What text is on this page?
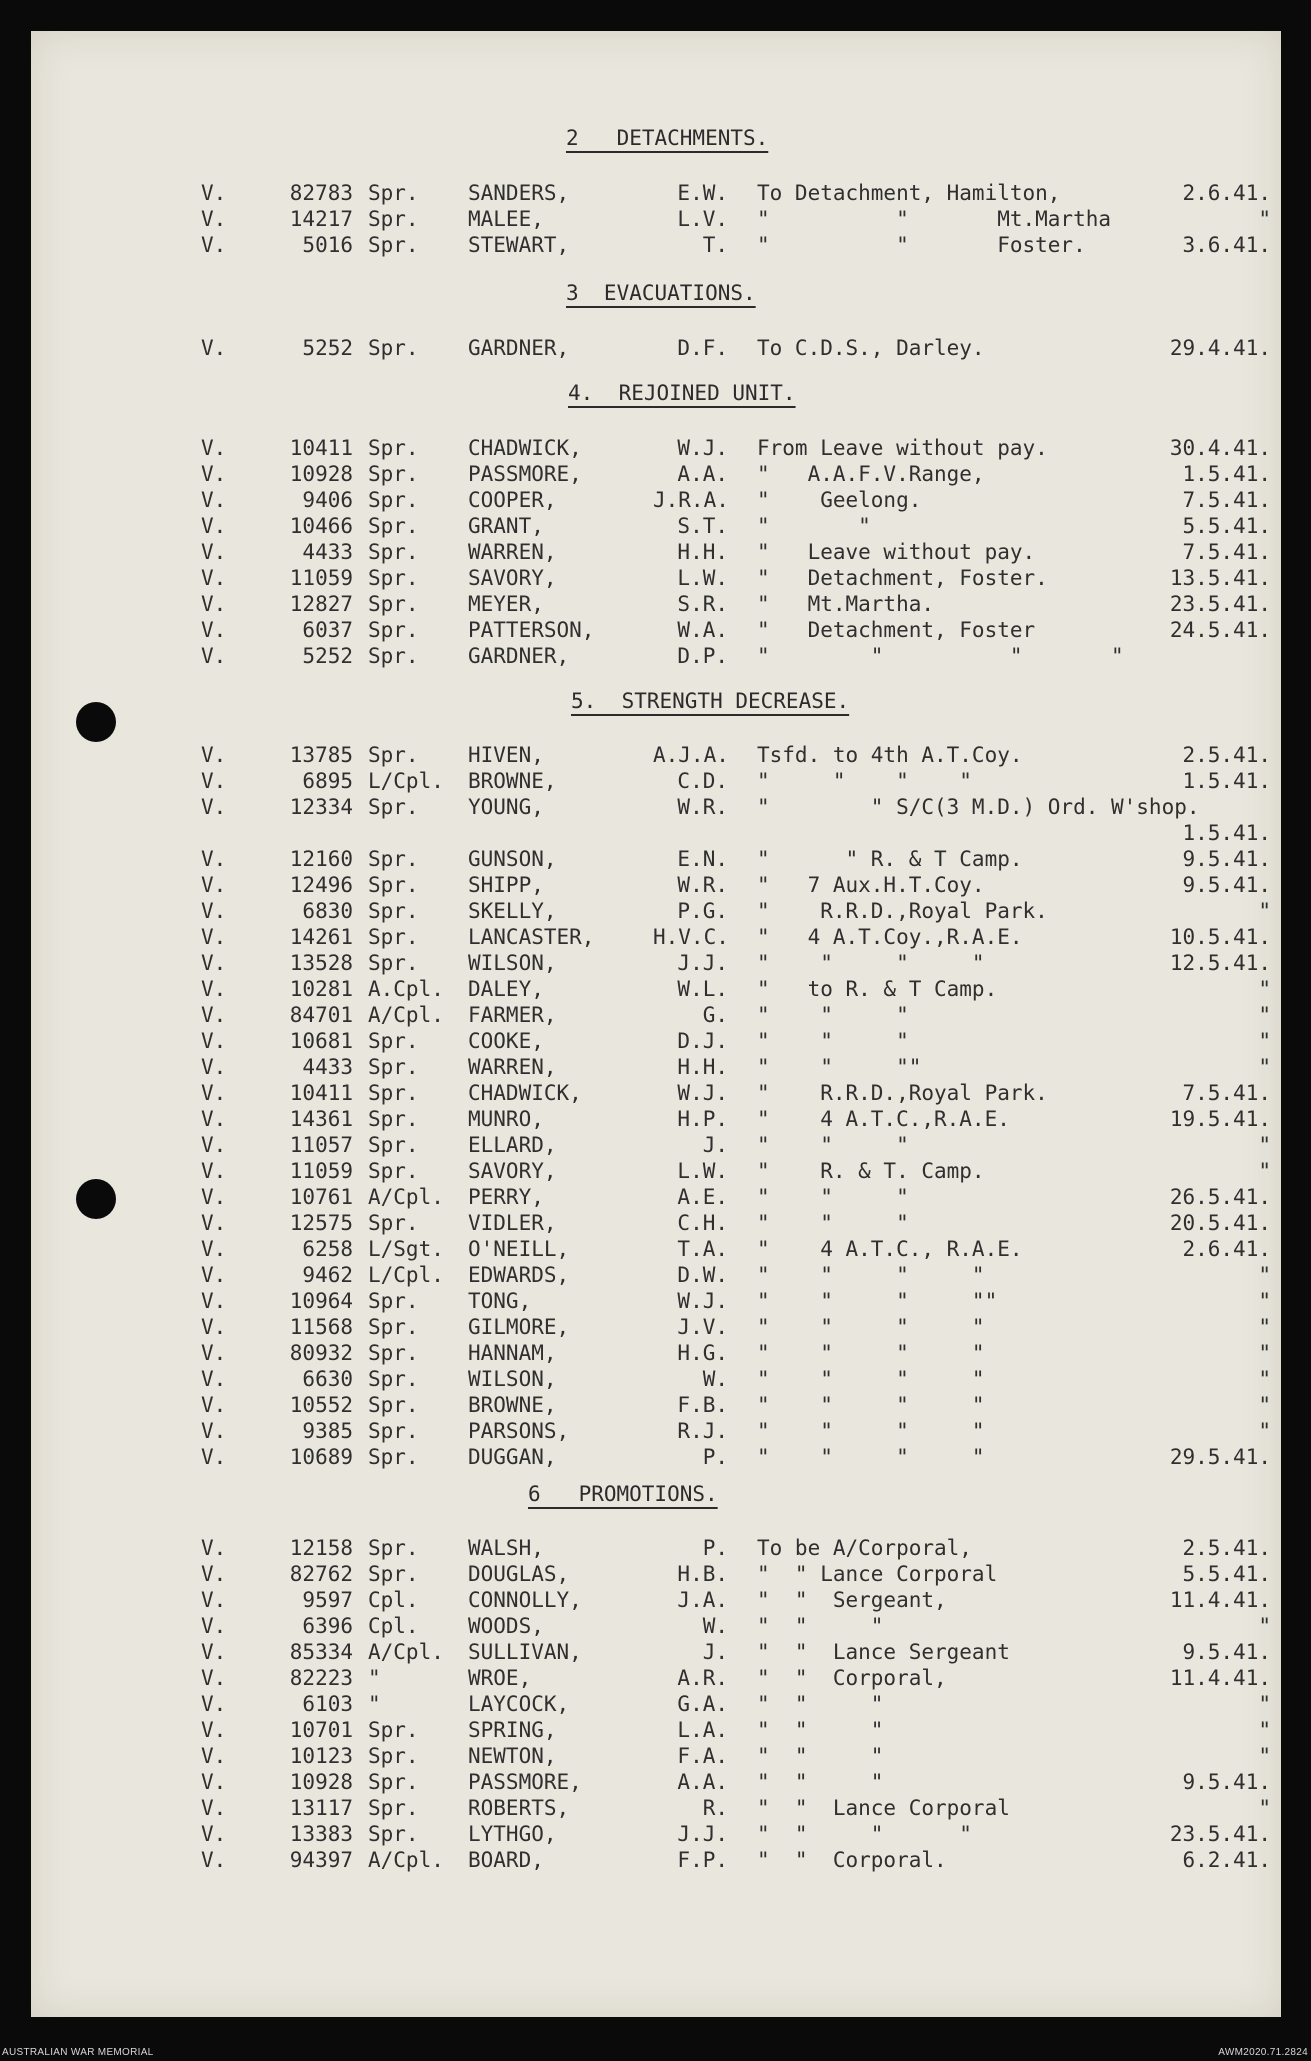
2   DETACHMENTS.
V.	82783 Spr. SANDERS,	E.W. To Detachment, Hamilton,	2.6.41.
V.	14217 Spr. MALEE,	L.V. "          "       Mt.Martha	"
V.	5016 Spr. STEWART,	T. "          "       Foster.	3.6.41.
3  EVACUATIONS.
V.	5252 Spr. GARDNER,	D.F. To C.D.S., Darley.	29.4.41.
4.  REJOINED UNIT.
V.	10411 Spr. CHADWICK,	W.J. From Leave without pay.	30.4.41.
V.	10928 Spr. PASSMORE,	A.A. "   A.A.F.V.Range,	1.5.41.
V.	9406 Spr. COOPER,	J.R.A. "    Geelong.	7.5.41.
V.	10466 Spr. GRANT,	S.T. "       "	5.5.41.
V.	4433 Spr. WARREN,	H.H. "   Leave without pay.	7.5.41.
V.	11059 Spr. SAVORY,	L.W. "   Detachment, Foster.	13.5.41.
V.	12827 Spr. MEYER,	S.R. "   Mt.Martha.	23.5.41.
V.	6037 Spr. PATTERSON,	W.A. "   Detachment, Foster	24.5.41.
V.	5252 Spr. GARDNER,	D.P. "        "          "       "
5.  STRENGTH DECREASE.
V.	13785 Spr. HIVEN,	A.J.A. Tsfd. to 4th A.T.Coy.	2.5.41.
V.	6895 L/Cpl. BROWNE,	C.D. "     "    "    "	1.5.41.
V.	12334 Spr. YOUNG,	W.R. "        " S/C(3 M.D.) Ord. W'shop.
1.5.41.
V.	12160 Spr. GUNSON,	E.N. "      " R. & T Camp.	9.5.41.
V.	12496 Spr. SHIPP,	W.R. "   7 Aux.H.T.Coy.	9.5.41.
V.	6830 Spr. SKELLY,	P.G. "    R.R.D.,Royal Park.	"
V.	14261 Spr. LANCASTER,	H.V.C. "   4 A.T.Coy.,R.A.E.	10.5.41.
V.	13528 Spr. WILSON,	J.J. "    "     "     "	12.5.41.
V.	10281 A.Cpl. DALEY,	W.L. "   to R. & T Camp.	"
V.	84701 A/Cpl. FARMER,	G. "    "     "	"
V.	10681 Spr. COOKE,	D.J. "    "     "	"
V.	4433 Spr. WARREN,	H.H. "    "     ""	"
V.	10411 Spr. CHADWICK,	W.J. "    R.R.D.,Royal Park.	7.5.41.
V.	14361 Spr. MUNRO,	H.P. "    4 A.T.C.,R.A.E.	19.5.41.
V.	11057 Spr. ELLARD,	J. "    "     "	"
V.	11059 Spr. SAVORY,	L.W. "    R. & T. Camp.	"
V.	10761 A/Cpl. PERRY,	A.E. "    "     "	26.5.41.
V.	12575 Spr. VIDLER,	C.H. "    "     "	20.5.41.
V.	6258 L/Sgt. O'NEILL,	T.A. "    4 A.T.C., R.A.E.	2.6.41.
V.	9462 L/Cpl. EDWARDS,	D.W. "    "     "     "	"
V.	10964 Spr. TONG,	W.J. "    "     "     ""	"
V.	11568 Spr. GILMORE,	J.V. "    "     "     "	"
V.	80932 Spr. HANNAM,	H.G. "    "     "     "	"
V.	6630 Spr. WILSON,	W. "    "     "     "	"
V.	10552 Spr. BROWNE,	F.B. "    "     "     "	"
V.	9385 Spr. PARSONS,	R.J. "    "     "     "	"
V.	10689 Spr. DUGGAN,	P. "    "     "     "	29.5.41.
6   PROMOTIONS.
V.	12158 Spr. WALSH,	P. To be A/Corporal,	2.5.41.
V.	82762 Spr. DOUGLAS,	H.B. "  " Lance Corporal	5.5.41.
V.	9597 Cpl. CONNOLLY,	J.A. "  "  Sergeant,	11.4.41.
V.	6396 Cpl. WOODS,	W. "  "     "	"
V.	85334 A/Cpl. SULLIVAN,	J. "  "  Lance Sergeant	9.5.41.
V.	82223 "	WROE,	A.R. "  "  Corporal,	11.4.41.
V.	6103 "	LAYCOCK,	G.A. "  "     "	"
V.	10701 Spr. SPRING,	L.A. "  "     "	"
V.	10123 Spr. NEWTON,	F.A. "  "     "	"
V.	10928 Spr. PASSMORE,	A.A. "  "     "	9.5.41.
V.	13117 Spr. ROBERTS,	R. "  "  Lance Corporal	"
V.	13383 Spr. LYTHGO,	J.J. "  "     "      "	23.5.41.
V.	94397 A/Cpl. BOARD,	F.P. "  "  Corporal.	6.2.41.
AUSTRALIAN WAR MEMORIAL	AWM2020.71.2824
